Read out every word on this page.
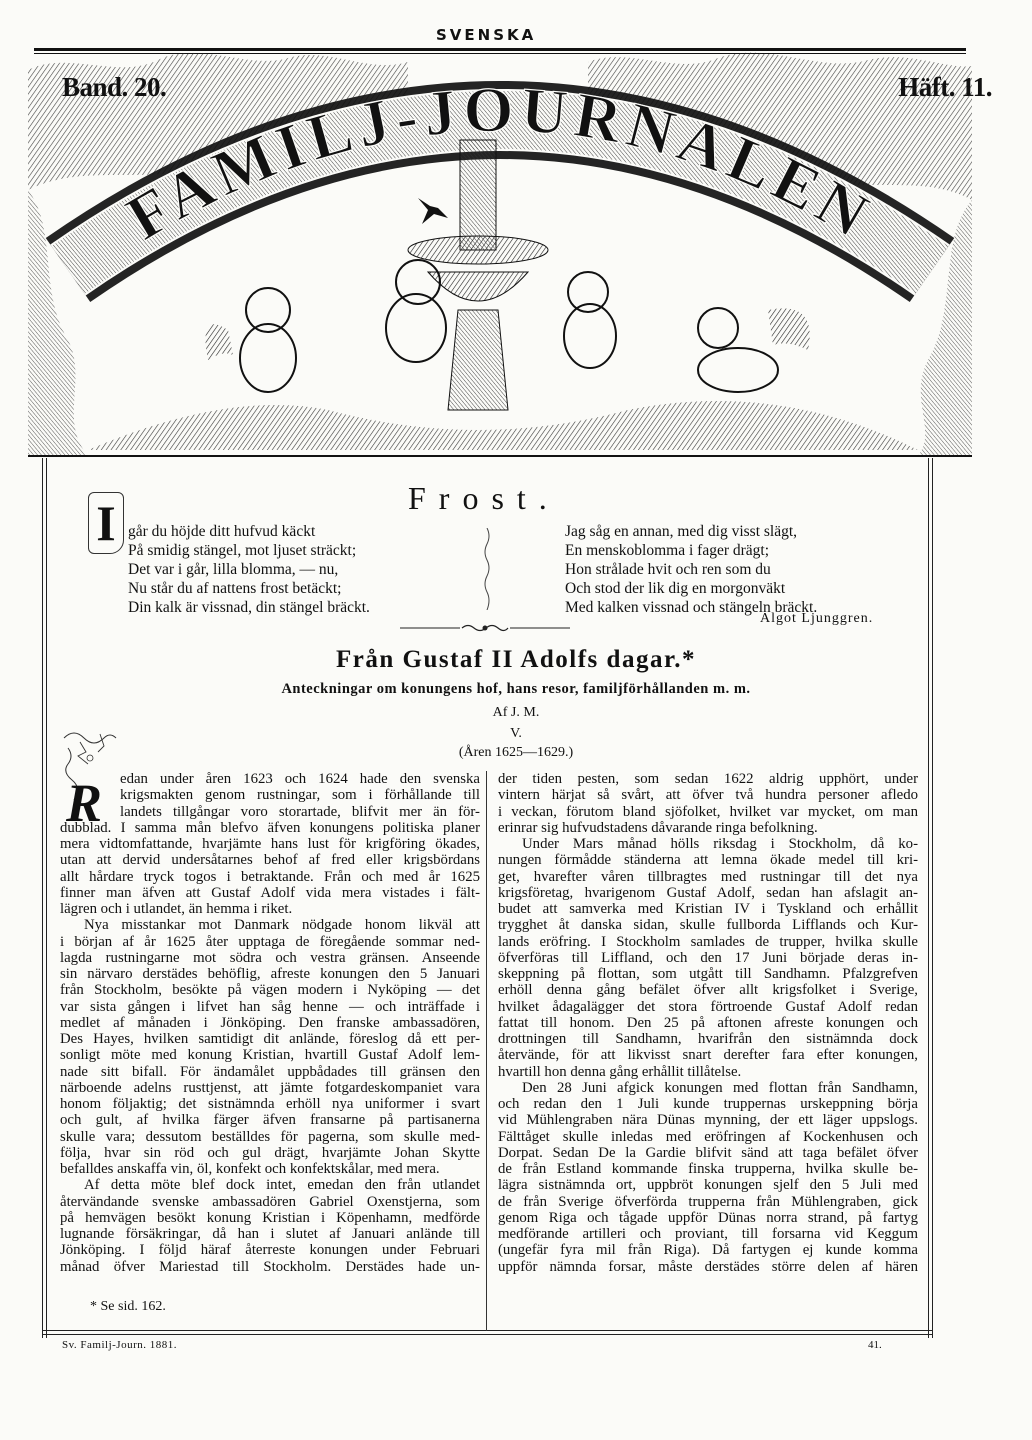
SVENSKA
Band. 20.	Häft. 11.
FAMILJ-JOURNALEN
Frost.
I går du höjde ditt hufvud käckt
På smidig stängel, mot ljuset sträckt;
Det var i går, lilla blomma, — nu,
Nu står du af nattens frost betäckt;
Din kalk är vissnad, din stängel bräckt.
Jag såg en annan, med dig visst slägt,
En menskoblomma i fager drägt;
Hon strålade hvit och ren som du
Och stod der lik dig en morgonväkt
Med kalken vissnad och stängeln bräckt.
Algot Ljunggren.
Från Gustaf II Adolfs dagar.*
Anteckningar om konungens hof, hans resor, familjförhållanden m. m.
Af J. M.
V.
(Åren 1625—1629.)
R	edan under åren 1623 och 1624 hade den svenska
krigsmakten genom rustningar, som i förhållande till
landets tillgångar voro storartade, blifvit mer än för-
dubblad. I samma mån blefvo äfven konungens politiska planer
mera vidtomfattande, hvarjämte hans lust för krigföring ökades,
utan att dervid undersåtarnes behof af fred eller krigsbördans
allt hårdare tryck togos i betraktande. Från och med år 1625
finner man äfven att Gustaf Adolf vida mera vistades i fält-
lägren och i utlandet, än hemma i riket.
Nya misstankar mot Danmark nödgade honom likväl att
i början af år 1625 åter upptaga de föregående sommar ned-
lagda rustningarne mot södra och vestra gränsen. Anseende
sin närvaro derstädes behöflig, afreste konungen den 5 Januari
från Stockholm, besökte på vägen modern i Nyköping — det
var sista gången i lifvet han såg henne — och inträffade i
medlet af månaden i Jönköping. Den franske ambassadören,
Des Hayes, hvilken samtidigt dit anlände, föreslog då ett per-
sonligt möte med konung Kristian, hvartill Gustaf Adolf lem-
nade sitt bifall. För ändamålet uppbådades till gränsen den
närboende adelns rusttjenst, att jämte fotgardeskompaniet vara
honom följaktig; det sistnämnda erhöll nya uniformer i svart
och gult, af hvilka färger äfven fransarne på partisanerna
skulle vara; dessutom beställdes för pagerna, som skulle med-
följa, hvar sin röd och gul drägt, hvarjämte Johan Skytte
befalldes anskaffa vin, öl, konfekt och konfektskålar, med mera.
Af detta möte blef dock intet, emedan den från utlandet
återvändande svenske ambassadören Gabriel Oxenstjerna, som
på hemvägen besökt konung Kristian i Köpenhamn, medförde
lugnande försäkringar, då han i slutet af Januari anlände till
Jönköping. I följd häraf återreste konungen under Februari
månad öfver Mariestad till Stockholm. Derstädes hade un-
der tiden pesten, som sedan 1622 aldrig upphört, under
vintern härjat så svårt, att öfver två hundra personer afledo
i veckan, förutom bland sjöfolket, hvilket var mycket, om man
erinrar sig hufvudstadens dåvarande ringa befolkning.
Under Mars månad hölls riksdag i Stockholm, då ko-
nungen förmådde ständerna att lemna ökade medel till kri-
get, hvarefter våren tillbragtes med rustningar till det nya
krigsföretag, hvarigenom Gustaf Adolf, sedan han afslagit an-
budet att samverka med Kristian IV i Tyskland och erhållit
trygghet åt danska sidan, skulle fullborda Lifflands och Kur-
lands eröfring. I Stockholm samlades de trupper, hvilka skulle
öfverföras till Liffland, och den 17 Juni började deras in-
skeppning på flottan, som utgått till Sandhamn. Pfalzgrefven
erhöll denna gång befälet öfver allt krigsfolket i Sverige,
hvilket ådagalägger det stora förtroende Gustaf Adolf redan
fattat till honom. Den 25 på aftonen afreste konungen och
drottningen till Sandhamn, hvarifrån den sistnämnda dock
återvände, för att likvisst snart derefter fara efter konungen,
hvartill hon denna gång erhållit tillåtelse.
Den 28 Juni afgick konungen med flottan från Sandhamn,
och redan den 1 Juli kunde truppernas urskeppning börja
vid Mühlengraben nära Dünas mynning, der ett läger uppslogs.
Fälttåget skulle inledas med eröfringen af Kockenhusen och
Dorpat. Sedan De la Gardie blifvit sänd att taga befälet öfver
de från Estland kommande finska trupperna, hvilka skulle be-
lägra sistnämnda ort, uppbröt konungen sjelf den 5 Juli med
de från Sverige öfverförda trupperna från Mühlengraben, gick
genom Riga och tågade uppför Dünas norra strand, på fartyg
medförande artilleri och proviant, till forsarna vid Keggum
(ungefär fyra mil från Riga). Då fartygen ej kunde komma
uppför nämnda forsar, måste derstädes större delen af hären
* Se sid. 162.
Sv. Familj-Journ. 1881.	41.
